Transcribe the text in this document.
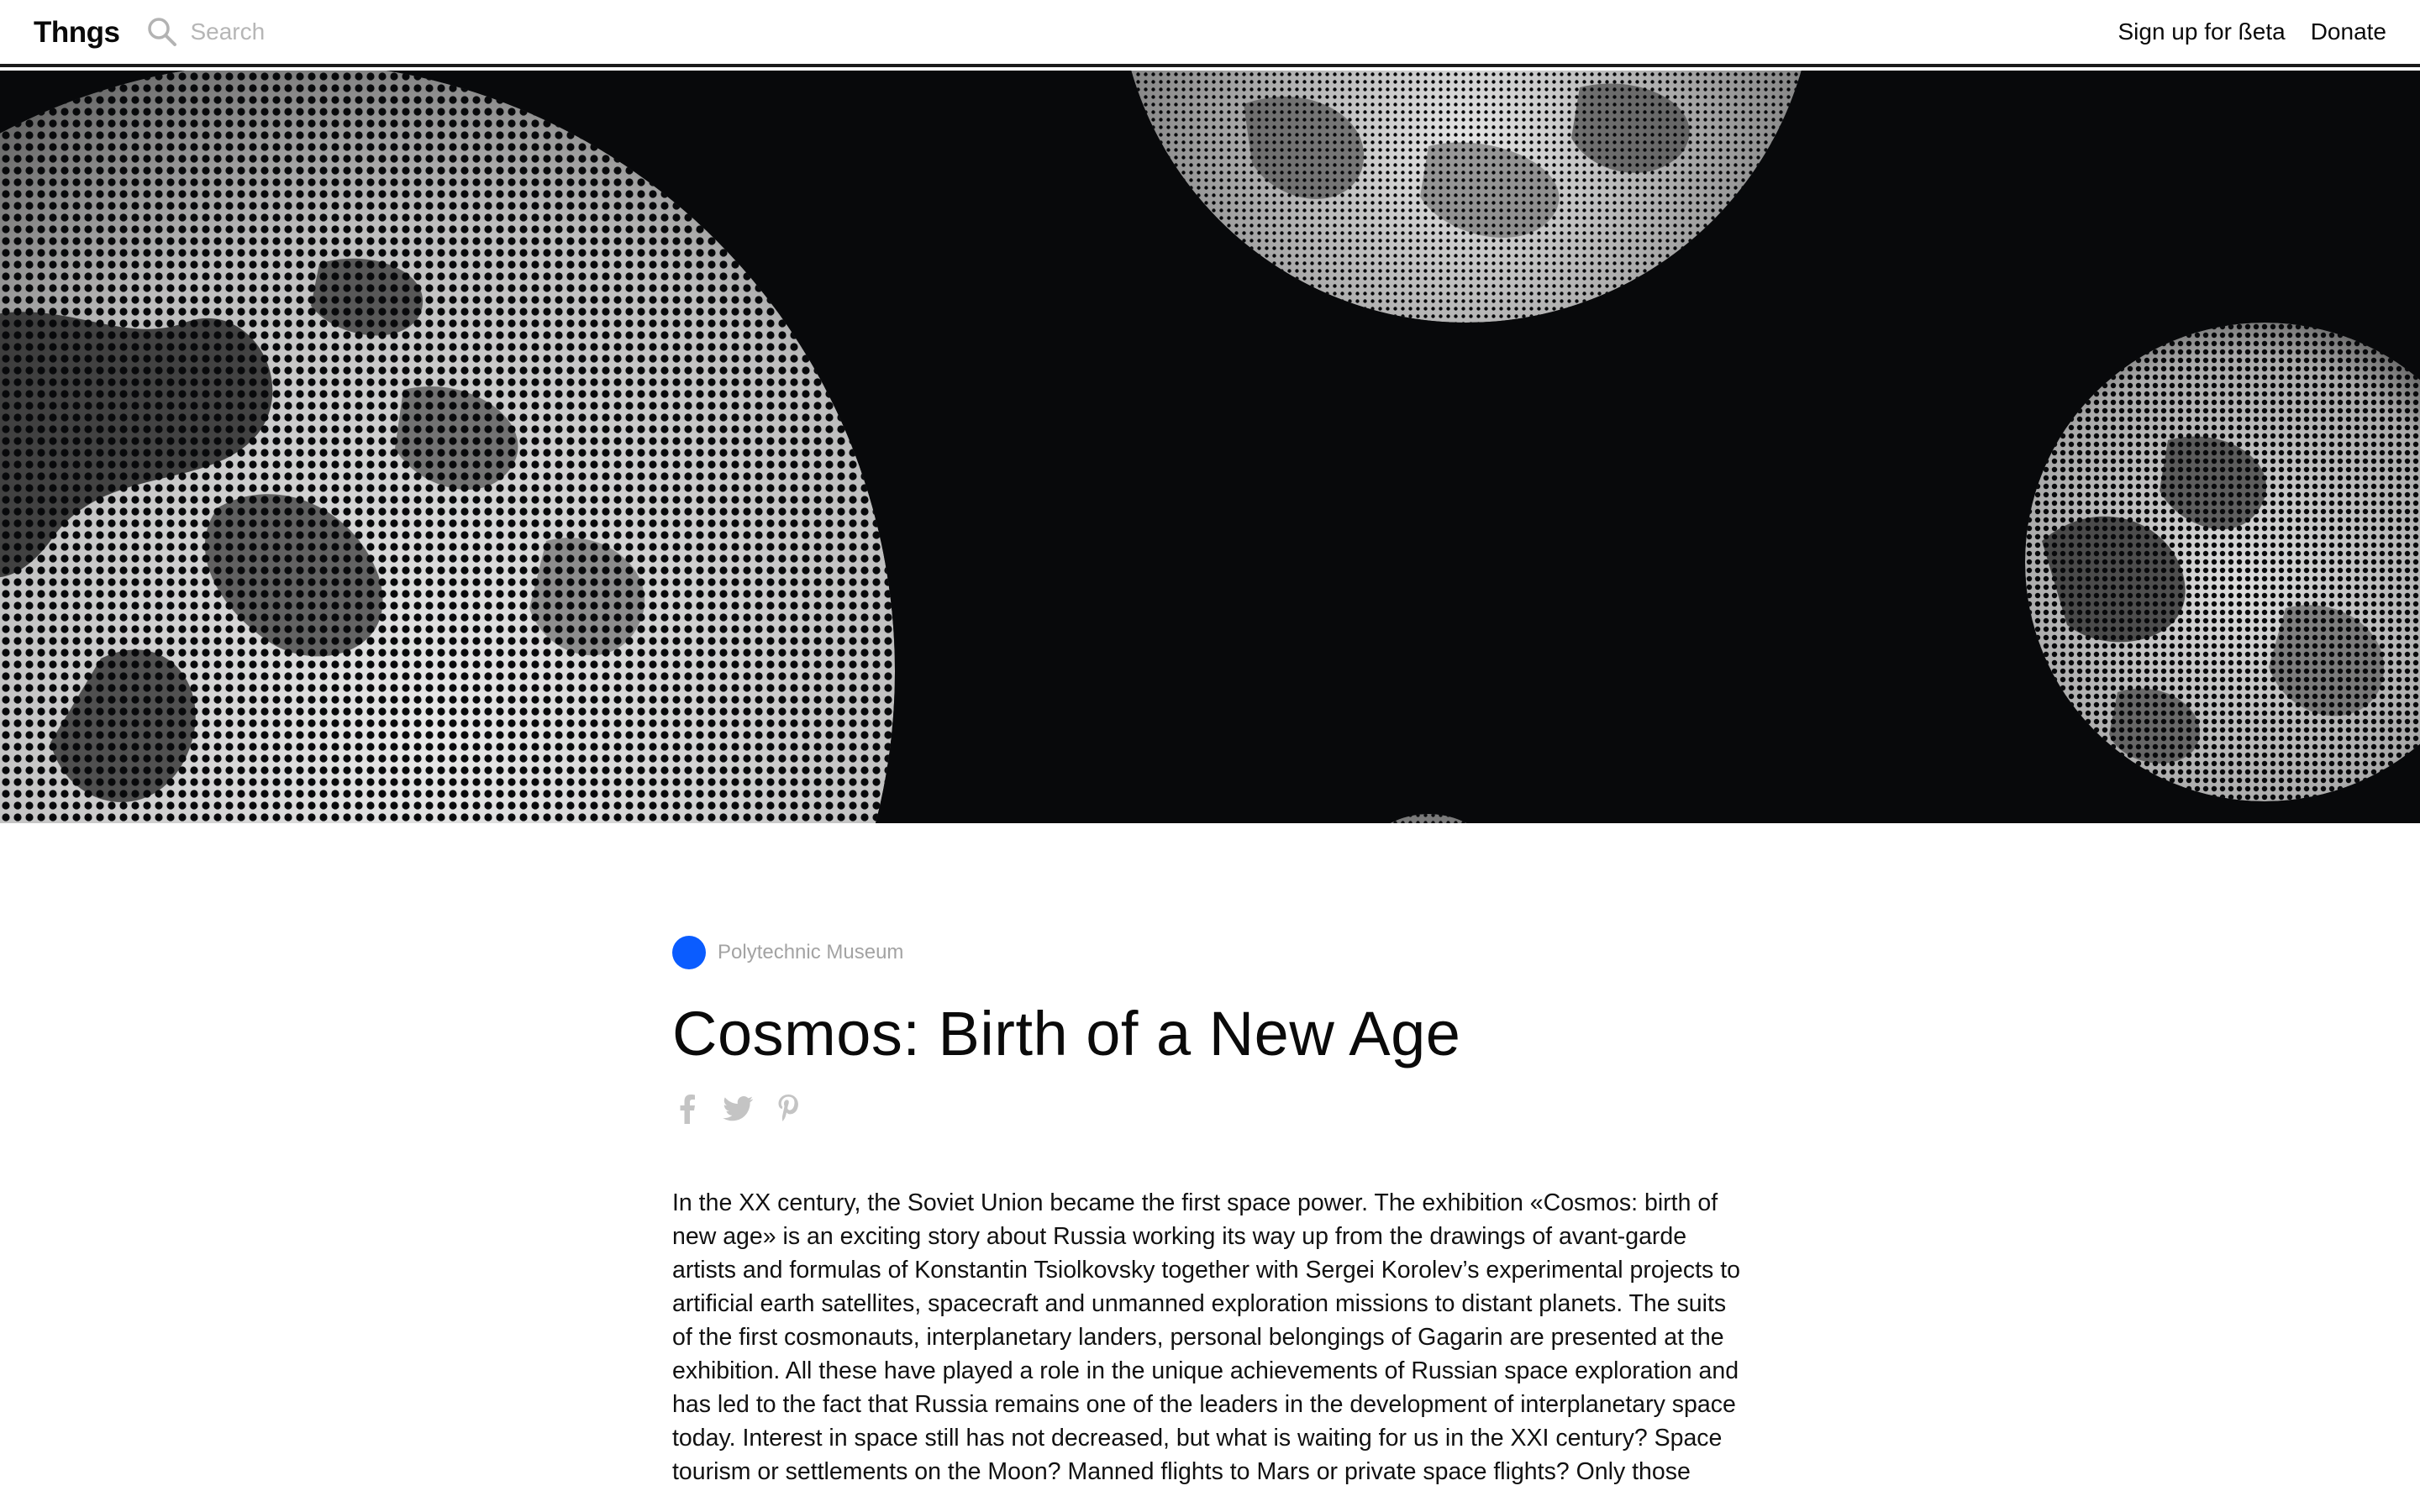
Thngs
Search	Sign up for ßeta Donate
Polytechnic Museum
Cosmos: Birth of a New Age

In the XX century, the Soviet Union became the first space power. The exhibition «Cosmos: birth of new age» is an exciting story about Russia working its way up from the drawings of avant-garde artists and formulas of Konstantin Tsiolkovsky together with Sergei Korolev’s experimental projects to artificial earth satellites, spacecraft and unmanned exploration missions to distant planets. The suits of the first cosmonauts, interplanetary landers, personal belongings of Gagarin are presented at the exhibition. All these have played a role in the unique achievements of Russian space exploration and has led to the fact that Russia remains one of the leaders in the development of interplanetary space today. Interest in space still has not decreased, but what is waiting for us in the XXI century? Space tourism or settlements on the Moon? Manned flights to Mars or private space flights? Only those
